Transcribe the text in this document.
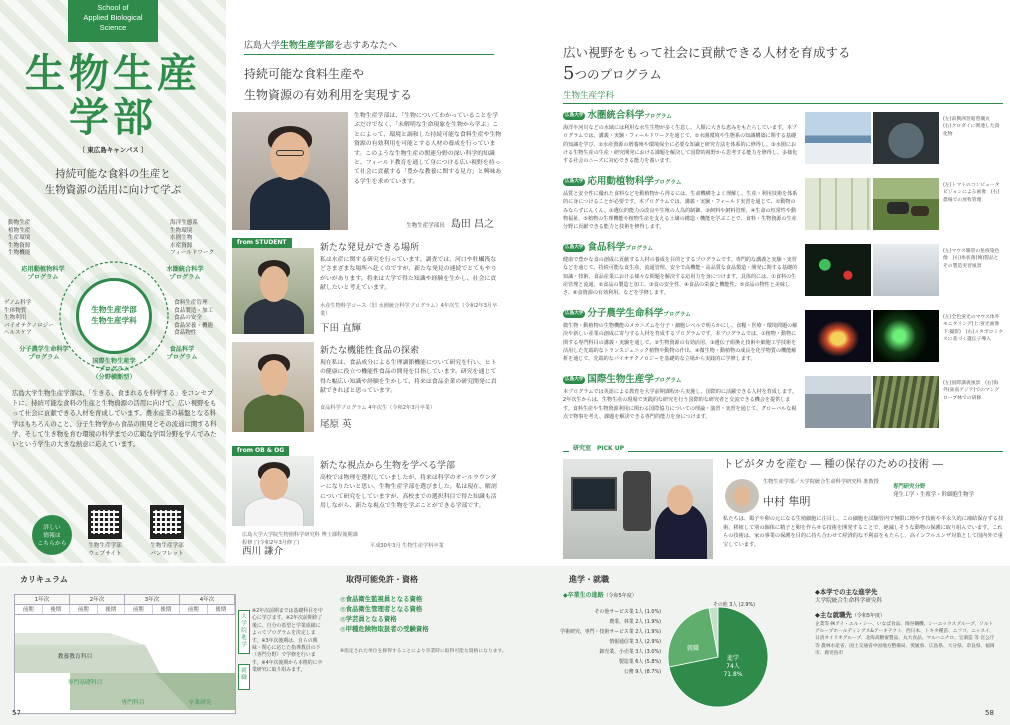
School of
Applied Biological
Science
生物生産
学部
〔 東広島キャンパス 〕
持続可能な食料の生産と
生物資源の活用に向けて学ぶ
動物生産
植物生産
生産環境
生物資源
生物機能
海洋生態系
生物環境
水圏生物
水産資源
フィールドワーク
応用動植物科学
プログラム
水圏統合科学
プログラム
ゲノム科学
生体物質
生物利用
バイオテクノロジー
ヘルスケア
食料生産管理
食品製造・加工
食品の安全
食品栄養・機能
食品物性
生物生産学部
生物生産学科
分子農学生命科学
プログラム
食品科学
プログラム
国際生物生産学
プログラム
（分野横断型）
広島大学生物生産学部は、「生きる、食まれるを科学する」をコンセプトに、持続可能な食料の生産と生物資源の活用に向けて、広い視野をもって社会に貢献できる人材を育成しています。農水産業の基盤となる科学はもちろんのこと、分子生物学から食品の開発とその流通に関する科学、そして生き物を育む環境の科学までの広範な学問分野を学んでみたいという学生の大きな熱意に応えています。
詳しい
情報は
こちらから	生物生産学部
ウェブサイト
生物生産学部
パンフレット
広島大学生物生産学部を志すあなたへ
持続可能な食料生産や
生物資源の有効利用を実現する
生物生産学部は、「生物についてわかっていることを学ぶだけでなく、「未解明な生命現象を生物から学ぶ」ことによって、環境と調和した持続可能な食料生産や生物資源の有効利用を可能とする人材の養成を行っています。このような生物生産の関連分野の深い科学的知識と、フィールド教育を通して身につける広い視野を持って社会に貢献する「豊かな教養に関する見方」と興味ある学生を求めています。
生物生産学部長 島田 昌之
from STUDENT
新たな発見ができる場所
私は水産に関する研究を行っています。調査では、河口や牡蠣筏などさまざまな場所へ赴くのですが、新たな発見の連続でとてもやりがいがあります。将来は大学で得た知識や経験を生かし、社会に貢献したいと考えています。
水産生物科学コース（旧 水圏統合科学プログラム）4年次生（令和2年3月卒業）
下田 直輝
新たな機能性食品の探索
現在私は、食品成分による生理調節機能について研究を行い、ヒトの健康に役立つ機能性食品の開発を目指しています。研究を通じて得た幅広い知識や経験を生かして、将来は食品企業の研究開発に貢献できればと思っています。
食品科学プログラム 4年次生（令和2年3月卒業）
尾原 英
from OB & OG
新たな視点から生物を学べる学部
高校では物理を選択していましたが、将来は科学のオールラウンダーになりたいと思い、生物生産学部を選びました。私は現在、解剖について研究をしていますが、高校までの選択科目で得た知識も活用しながら、新たな視点で生物を学ぶことができる学部です。
広島大学大学院生物圏科学研究科 博士課程後期課程修了(令和2年3月修了)
西川 謙介	平成30年3月 生物生産学科卒業
広い視野をもって社会に貢献できる人材を育成する
5つのプログラム
生物生産学科
広島大学 水圏統合科学プログラム
海洋や河川などの水域には利用な水生生物が多く生息し、人類に大きな恵みをもたらしています。本プログラムでは、講義・実験・フィールドワークを通じて、①水圏環境や生態系の知識構築に関する基礎的知識を学び、②水産資源の増養殖や環境保全に必要な知識と研究方法を体系的に修得し、③水圏における生物生産の生産・研究開発における課題を解決して国際的視野から思考する能力を修得し、多様化する社会のニーズに対応できる能力を養います。
(左)南興洲習船豊潮丸　(右)クロダイに関連した資化物
広島大学 応用動植物科学プログラム
品質と安全性に優れた食料などを動植物から得るには、生命機構をよく理解し、生産・利用技術を体系的に身につけることが必要です。本プログラムでは、講義・実験・フィールド実習を通じて、①動物のみならずにんくん、②遺伝的能力の改良や生殖の人為的制御、③飼料や飼料管理、④生命の恒常性や動物福祉、⑤植物の生理機能や植物生産を支える土壌の構造・機能を学ぶことで、食料・生物資源の生産分野に貢献できる能力と技術を修得します。
(左)トマトのコンピュータビジョンによる画像　(右)農場での放牧管理
広島大学 食品科学プログラム
健康で豊かな食の創成に貢献する人材の養成を目的とするプログラムです。専門的な講義と実験・実習などを通じて、持続可能な食生産、流通管理、安全で高機能・高品質な食品製造・開発に関する基礎的知識・技術、食品産業における様々な問題を解決する応用力を身につけます。具体的には、①食料の生産管理と流通、②食品の製造と加工、③食の安全性、④食品の栄養と機能性、⑤食品の物性と美味しさ、⑥食資源の有効利用、などを学修します。
(左)マウス腸管の免疫染色像　(右)糸状菌(麹)製品とその製造実習風景
広島大学 分子農学生命科学プログラム
微生物・動植物の生物機能のメカニズムを分子・細胞レベルで明らかにし、食糧・医療・環境問題の解決や新しい産業の創成に寄与する人材を育成するプログラムです。本プログラムでは、①植物・動物に関する専門科目の講義・実験を通して、②生物資源の有効活用、③遺伝子組換え技術や細胞工学技術を活用した先端的なトランスジェニック植物や動物の作出、④微生物・動植物の成長を化学物質の機能解析を通じて、先端的なバイオテクノロジーを基礎的な立場から実践的に学修します。
(左)全色蛍光のマウス体外モニタリング(上:蛍光画像 下:撮影)　(右)メタボロミクスに基づく遺伝子導入
広島大学 国際生物生産学プログラム
本プログラムでは英語による教育を大学前期課程から実施し、国際的に活躍できる人材を育成します。2年次生からは、生物生産の現場で実践的な研究を行う国際的な研究者と交流できる機会を提供します。食料生産や生物資源利用に関わる国際協力についての理論・演習・実習を通じて、グローバルな視点で物事を考え、課題を解決できる専門的能力を身につけます。
(左)国際講義風景　(右)海外(東南アジア)でのマングローブ林での研修
研究室　PICK UP
トビがタカを産む ― 種の保存のための技術 ―
生物生産学部／大学院統合生命科学研究科 准教授
中村 隼明
専門研究分野
発生工学・生殖学・幹細胞生物学
私たちは、鶏子や卵の元になる生殖細胞に注目し、この細胞を試験管内で無限に増やす技術や半永久的に凍結保存する技術、移植して別の個体に精子と卵を作らせる技術を開発することで、絶滅しそうな動物の保護に取り組んでいます。これらの技術は、家の事業の保護を目的に持ち合わせて経済的な不利益をもたらし、高インフルエンザ対策として国内外で重宝しています。
カリキュラム
1年次	2年次	3年次	4年次
前期	後期	前期	後期	前期	後期	前期	後期
教養教育科目
専門基礎科目
専門科目	卒業研究
大学院進学
就職
※2年次前期までは基礎科目を中心に学びます。※2年次前期終了後に、自分の希望と学業成績によってプログラムを決定します。※3年次後期は、自らの興味・関心に応じた指導教員の下（専門分野）で学修を行います。※4年次後期から本格的に卒業研究に取り組みます。
取得可能免許・資格
◎食品衛生監視員となる資格
◎食品衛生管理者となる資格
◎学芸員となる資格
◎甲種危険物取扱者の受験資格
※指定された単位を修得することにより卒業時に取得可能な資格になります。
進学・就職
◆卒業生の進路（令和5年度）
その他サービス業 1人 (1.0%)
農業、林業 2人 (1.9%)
学術研究、専門・技術サービス業 2人 (1.9%)
情報通信業 3人 (2.9%)
卸売業、小売業 3人 (3.0%)
製造業 6人 (5.8%)
公務 9人 (8.7%)
進学
74人
71.8%
就職
その他 3人 (2.9%)
◆本学での主な進学先
大学院統合生命科学研究科
◆主な就職先（令和5年度）
企業等 ㈱アイ・エル・シー、いなば食品、岡谷鋼機、シーエックスグループ、ソルトグループホールディングス&アーキテクト、西日本、トキタ種苗、ニフコ、ニッスイ、日清オイリオグループ、北海高糖蜜製品、丸大食品、マルハニチロ、宝酒造 等 官公庁等 農林水産省、国土交通省中国地方整備局、愛媛県、広島県、大分県、奈良県、福岡市、鹿児島市
57	58
